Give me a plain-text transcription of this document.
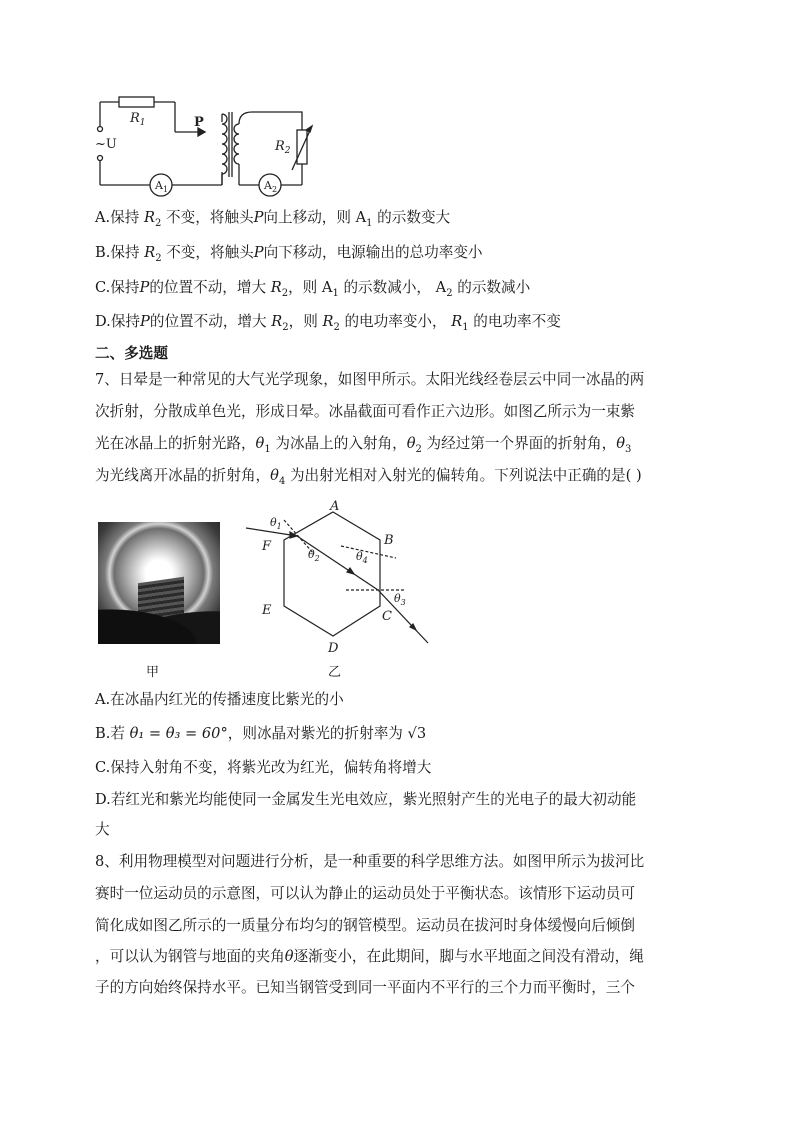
$R_1$	P
~U	$R_2$
$A_1$	$A_2$
A.保持 $R_2$ 不变，将触头P向上移动，则 $A_1$ 的示数变大
B.保持 $R_2$ 不变，将触头P向下移动，电源输出的总功率变小
C.保持P的位置不动，增大 $R_2$，则 $A_1$ 的示数减小， $A_2$ 的示数减小
D.保持P的位置不动，增大 $R_2$，则 $R_2$ 的电功率变小， $R_1$ 的电功率不变
二、多选题
7、日晕是一种常见的大气光学现象，如图甲所示。太阳光线经卷层云中同一冰晶的两
次折射，分散成单色光，形成日晕。冰晶截面可看作正六边形。如图乙所示为一束紫
光在冰晶上的折射光路，$\theta_1$ 为冰晶上的入射角，$\theta_2$ 为经过第一个界面的折射角，$\theta_3$
为光线离开冰晶的折射角，$\theta_4$ 为出射光相对入射光的偏转角。下列说法中正确的是( )
甲
A
B
C
D
E
F
$\theta_1$
$\theta_2$
$\theta_3$
$\theta_4$
乙
A.在冰晶内红光的传播速度比紫光的小
B.若 θ₁ = θ₃ = 60°，则冰晶对紫光的折射率为 √3
C.保持入射角不变，将紫光改为红光，偏转角将增大
D.若红光和紫光均能使同一金属发生光电效应，紫光照射产生的光电子的最大初动能
大
8、利用物理模型对问题进行分析，是一种重要的科学思维方法。如图甲所示为拔河比
赛时一位运动员的示意图，可以认为静止的运动员处于平衡状态。该情形下运动员可
简化成如图乙所示的一质量分布均匀的钢管模型。运动员在拔河时身体缓慢向后倾倒
，可以认为钢管与地面的夹角θ逐渐变小，在此期间，脚与水平地面之间没有滑动，绳
子的方向始终保持水平。已知当钢管受到同一平面内不平行的三个力而平衡时，三个
